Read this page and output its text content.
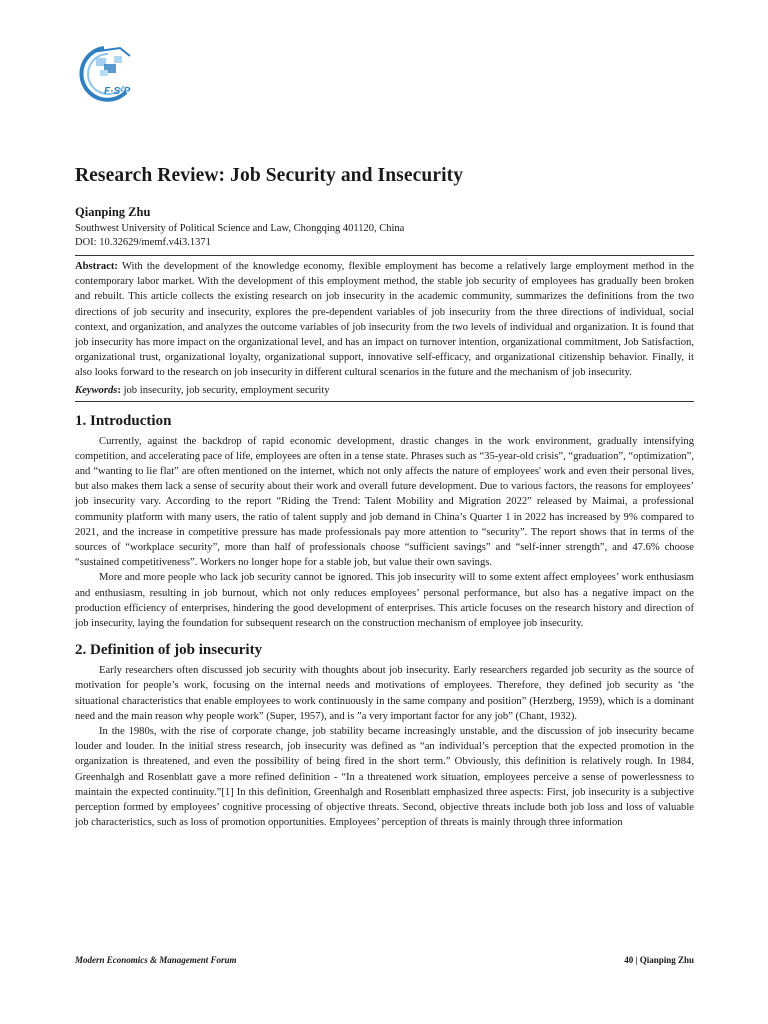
F·S·P
Research Review: Job Security and Insecurity
Qianping Zhu
Southwest University of Political Science and Law, Chongqing 401120, China
DOI: 10.32629/memf.v4i3.1371
Abstract: With the development of the knowledge economy, flexible employment has become a relatively large employment method in the contemporary labor market. With the development of this employment method, the stable job security of employees has gradually been broken and rebuilt. This article collects the existing research on job insecurity in the academic community, summarizes the definitions from the two directions of job security and insecurity, explores the pre-dependent variables of job insecurity from the three directions of individual, social context, and organization, and analyzes the outcome variables of job insecurity from the two levels of individual and organization. It is found that job insecurity has more impact on the organizational level, and has an impact on turnover intention, organizational commitment, Job Satisfaction, organizational trust, organizational loyalty, organizational support, innovative self-efficacy, and organizational citizenship behavior. Finally, it also looks forward to the research on job insecurity in different cultural scenarios in the future and the mechanism of job insecurity.
Keywords: job insecurity, job security, employment security
1. Introduction

Currently, against the backdrop of rapid economic development, drastic changes in the work environment, gradually intensifying competition, and accelerating pace of life, employees are often in a tense state. Phrases such as “35-year-old crisis”, “graduation”, “optimization”, and “wanting to lie flat” are often mentioned on the internet, which not only affects the nature of employees' work and even their personal lives, but also makes them lack a sense of security about their work and overall future development. Due to various factors, the reasons for employees’ job insecurity vary. According to the report “Riding the Trend: Talent Mobility and Migration 2022” released by Maimai, a professional community platform with many users, the ratio of talent supply and job demand in China’s Quarter 1 in 2022 has increased by 9% compared to 2021, and the increase in competitive pressure has made professionals pay more attention to “security”. The report shows that in terms of the sources of “workplace security”, more than half of professionals choose “sufficient savings” and “self-inner strength”, and 47.6% choose “sustained competitiveness”. Workers no longer hope for a stable job, but value their own savings.

More and more people who lack job security cannot be ignored. This job insecurity will to some extent affect employees’ work enthusiasm and enthusiasm, resulting in job burnout, which not only reduces employees’ personal performance, but also has a negative impact on the production efficiency of enterprises, hindering the good development of enterprises. This article focuses on the research history and direction of job insecurity, laying the foundation for subsequent research on the construction mechanism of employee job insecurity.

2. Definition of job insecurity

Early researchers often discussed job security with thoughts about job insecurity. Early researchers regarded job security as the source of motivation for people’s work, focusing on the internal needs and motivations of employees. Therefore, they defined job security as ‘the situational characteristics that enable employees to work continuously in the same company and position” (Herzberg, 1959), which is a dominant need and the main reason why people work” (Super, 1957), and is ”a very important factor for any job” (Chant, 1932).

In the 1980s, with the rise of corporate change, job stability became increasingly unstable, and the discussion of job insecurity became louder and louder. In the initial stress research, job insecurity was defined as “an individual’s perception that the expected promotion in the organization is threatened, and even the possibility of being fired in the short term.” Obviously, this definition is relatively rough. In 1984, Greenhalgh and Rosenblatt gave a more refined definition - “In a threatened work situation, employees perceive a sense of powerlessness to maintain the expected continuity.”[1] In this definition, Greenhalgh and Rosenblatt emphasized three aspects: First, job insecurity is a subjective perception formed by employees’ cognitive processing of objective threats. Second, objective threats include both job loss and loss of valuable job characteristics, such as loss of promotion opportunities. Employees’ perception of threats is mainly through three information

Modern Economics & Management Forum	40 | Qianping Zhu
